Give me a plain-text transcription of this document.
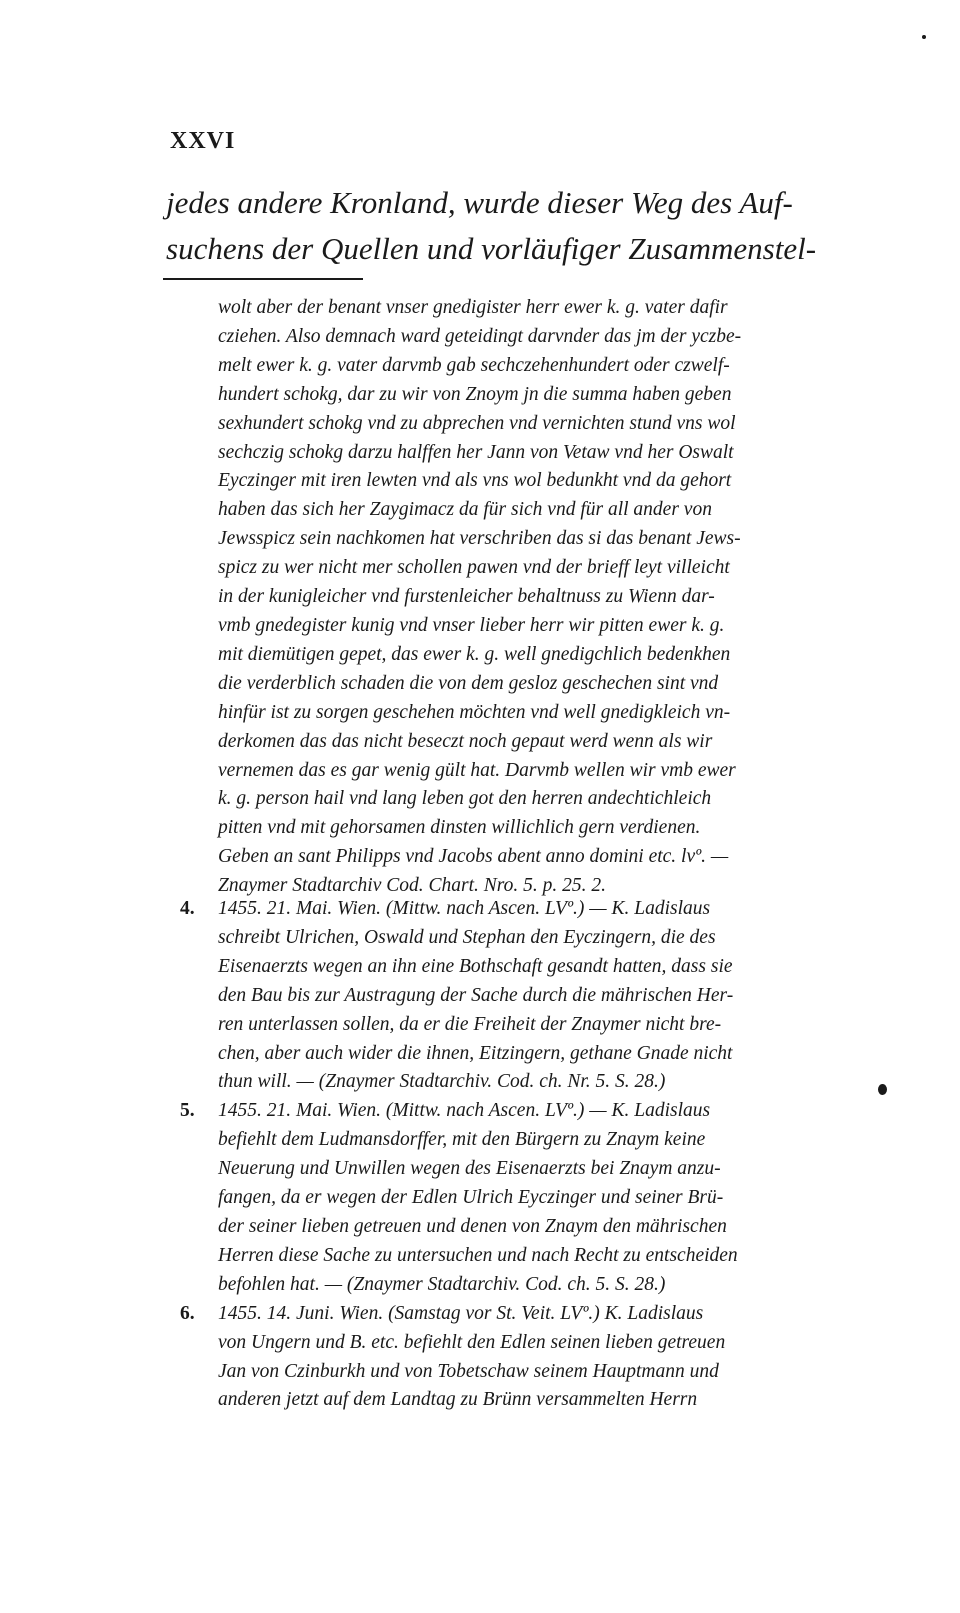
XXVI
jedes andere Kronland, wurde dieser Weg des Auf-
suchens der Quellen und vorläufiger Zusammenstel-
wolt aber der benant vnser gnedigister herr ewer k. g. vater dafir
cziehen. Also demnach ward geteidingt darvnder das jm der yczbe-
melt ewer k. g. vater darvmb gab sechczehenhundert oder czwelf-
hundert schokg, dar zu wir von Znoym jn die summa haben geben
sexhundert schokg vnd zu abprechen vnd vernichten stund vns wol
sechczig schokg darzu halffen her Jann von Vetaw vnd her Oswalt
Eyczinger mit iren lewten vnd als vns wol bedunkht vnd da gehort
haben das sich her Zaygimacz da für sich vnd für all ander von
Jewsspicz sein nachkomen hat verschriben das si das benant Jews-
spicz zu wer nicht mer schollen pawen vnd der brieff leyt villeicht
in der kunigleicher vnd furstenleicher behaltnuss zu Wienn dar-
vmb gnedegister kunig vnd vnser lieber herr wir pitten ewer k. g.
mit diemütigen gepet, das ewer k. g. well gnedigchlich bedenkhen
die verderblich schaden die von dem gesloz geschechen sint vnd
hinfür ist zu sorgen geschehen möchten vnd well gnedigkleich vn-
derkomen das das nicht beseczt noch gepaut werd wenn als wir
vernemen das es gar wenig gült hat. Darvmb wellen wir vmb ewer
k. g. person hail vnd lang leben got den herren andechtichleich
pitten vnd mit gehorsamen dinsten willichlich gern verdienen.
Geben an sant Philipps vnd Jacobs abent anno domini etc. lvº. —
Znaymer Stadtarchiv Cod. Chart. Nro. 5. p. 25. 2.
4. 1455. 21. Mai. Wien. (Mittw. nach Ascen. LVº.) — K. Ladislaus
schreibt Ulrichen, Oswald und Stephan den Eyczingern, die des
Eisenaerzts wegen an ihn eine Bothschaft gesandt hatten, dass sie
den Bau bis zur Austragung der Sache durch die mährischen Her-
ren unterlassen sollen, da er die Freiheit der Znaymer nicht bre-
chen, aber auch wider die ihnen, Eitzingern, gethane Gnade nicht
thun will. — (Znaymer Stadtarchiv. Cod. ch. Nr. 5. S. 28.)
5. 1455. 21. Mai. Wien. (Mittw. nach Ascen. LVº.) — K. Ladislaus
befiehlt dem Ludmansdorffer, mit den Bürgern zu Znaym keine
Neuerung und Unwillen wegen des Eisenaerzts bei Znaym anzu-
fangen, da er wegen der Edlen Ulrich Eyczinger und seiner Brü-
der seiner lieben getreuen und denen von Znaym den mährischen
Herren diese Sache zu untersuchen und nach Recht zu entscheiden
befohlen hat. — (Znaymer Stadtarchiv. Cod. ch. 5. S. 28.)
6. 1455. 14. Juni. Wien. (Samstag vor St. Veit. LVº.) K. Ladislaus
von Ungern und B. etc. befiehlt den Edlen seinen lieben getreuen
Jan von Czinburkh und von Tobetschaw seinem Hauptmann und
anderen jetzt auf dem Landtag zu Brünn versammelten Herrn
